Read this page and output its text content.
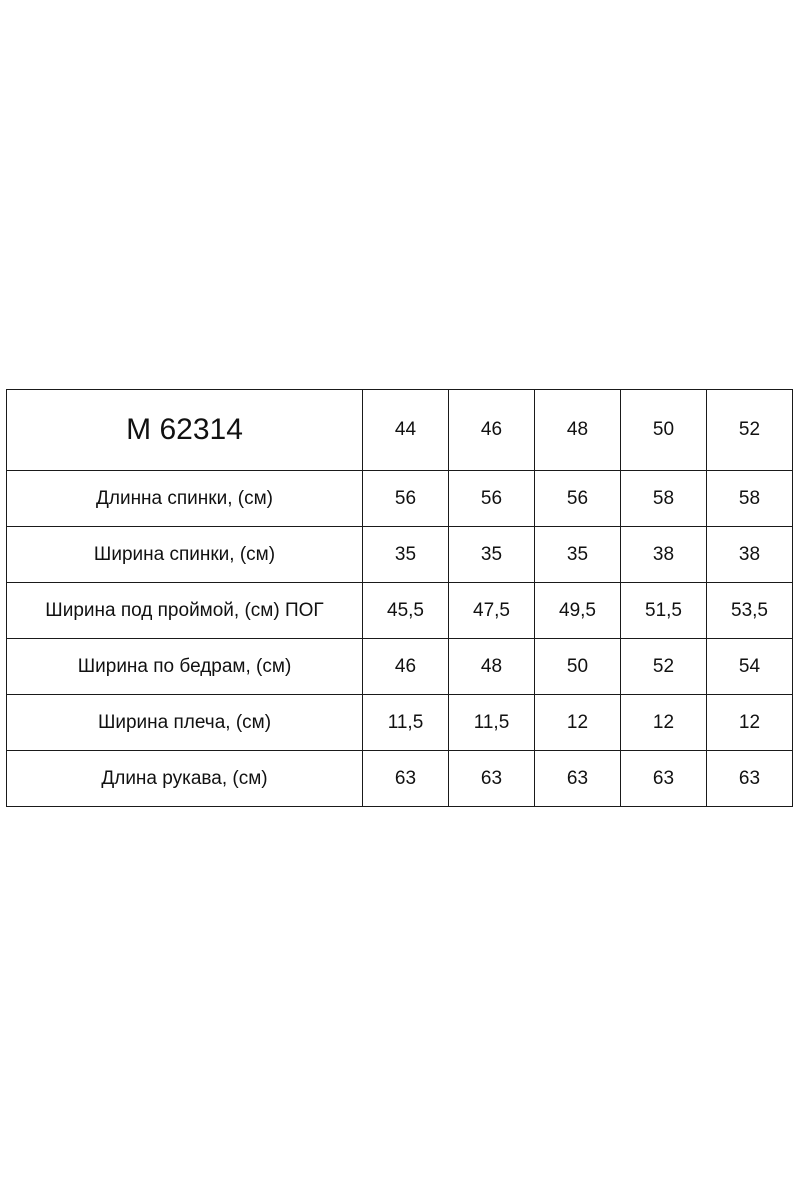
М 62314	44	46	48	50	52
Длинна спинки, (см)	56	56	56	58	58
Ширина спинки, (см)	35	35	35	38	38
Ширина под проймой, (см) ПОГ	45,5	47,5	49,5	51,5	53,5
Ширина по бедрам, (см)	46	48	50	52	54
Ширина плеча, (см)	11,5	11,5	12	12	12
Длина рукава, (см)	63	63	63	63	63
